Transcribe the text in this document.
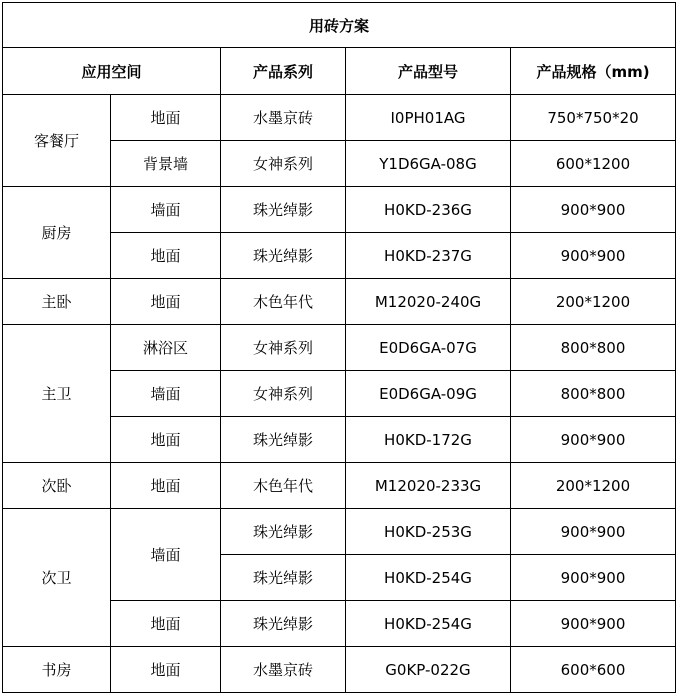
用砖方案				
应用空间		产品系列	产品型号	产品规格（mm)
客餐厅	地面	水墨京砖	I0PH01AG	750*750*20
	背景墙	女神系列	Y1D6GA-08G	600*1200
厨房	墙面	珠光绰影	H0KD-236G	900*900
	地面	珠光绰影	H0KD-237G	900*900
主卧	地面	木色年代	M12020-240G	200*1200
主卫	淋浴区	女神系列	E0D6GA-07G	800*800
	墙面	女神系列	E0D6GA-09G	800*800
	地面	珠光绰影	H0KD-172G	900*900
次卧	地面	木色年代	M12020-233G	200*1200
次卫	墙面	珠光绰影	H0KD-253G	900*900
		珠光绰影	H0KD-254G	900*900
	地面	珠光绰影	H0KD-254G	900*900
书房	地面	水墨京砖	G0KP-022G	600*600
